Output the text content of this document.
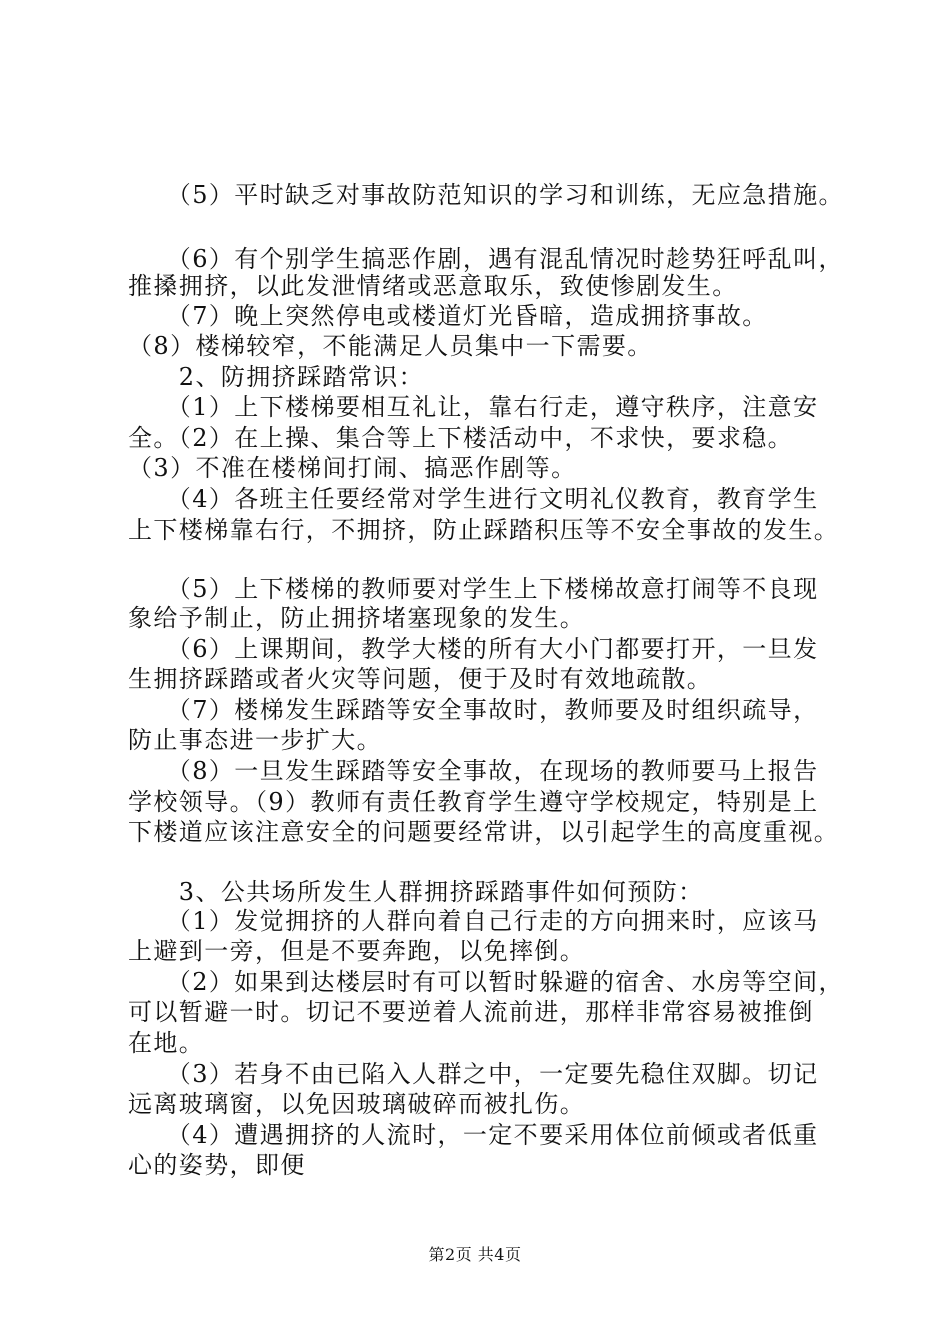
　　（5）平时缺乏对事故防范知识的学习和训练，无应急措施。
　　（6）有个别学生搞恶作剧，遇有混乱情况时趁势狂呼乱叫，
推搡拥挤，以此发泄情绪或恶意取乐，致使惨剧发生。
　　（7）晚上突然停电或楼道灯光昏暗，造成拥挤事故。
（8）楼梯较窄，不能满足人员集中一下需要。
　　2、防拥挤踩踏常识：
　　（1）上下楼梯要相互礼让，靠右行走，遵守秩序，注意安
全。（2）在上操、集合等上下楼活动中，不求快，要求稳。
（3）不准在楼梯间打闹、搞恶作剧等。
　　（4）各班主任要经常对学生进行文明礼仪教育，教育学生
上下楼梯靠右行，不拥挤，防止踩踏积压等不安全事故的发生。
　　（5）上下楼梯的教师要对学生上下楼梯故意打闹等不良现
象给予制止，防止拥挤堵塞现象的发生。
　　（6）上课期间，教学大楼的所有大小门都要打开，一旦发
生拥挤踩踏或者火灾等问题，便于及时有效地疏散。
　　（7）楼梯发生踩踏等安全事故时，教师要及时组织疏导，
防止事态进一步扩大。
　　（8）一旦发生踩踏等安全事故，在现场的教师要马上报告
学校领导。（9）教师有责任教育学生遵守学校规定，特别是上
下楼道应该注意安全的问题要经常讲，以引起学生的高度重视。
　　3、公共场所发生人群拥挤踩踏事件如何预防：
　　（1）发觉拥挤的人群向着自己行走的方向拥来时，应该马
上避到一旁，但是不要奔跑，以免摔倒。
　　（2）如果到达楼层时有可以暂时躲避的宿舍、水房等空间，
可以暂避一时。切记不要逆着人流前进，那样非常容易被推倒
在地。
　　（3）若身不由已陷入人群之中，一定要先稳住双脚。切记
远离玻璃窗，以免因玻璃破碎而被扎伤。
　　（4）遭遇拥挤的人流时，一定不要采用体位前倾或者低重
心的姿势，即便
第2页 共4页
